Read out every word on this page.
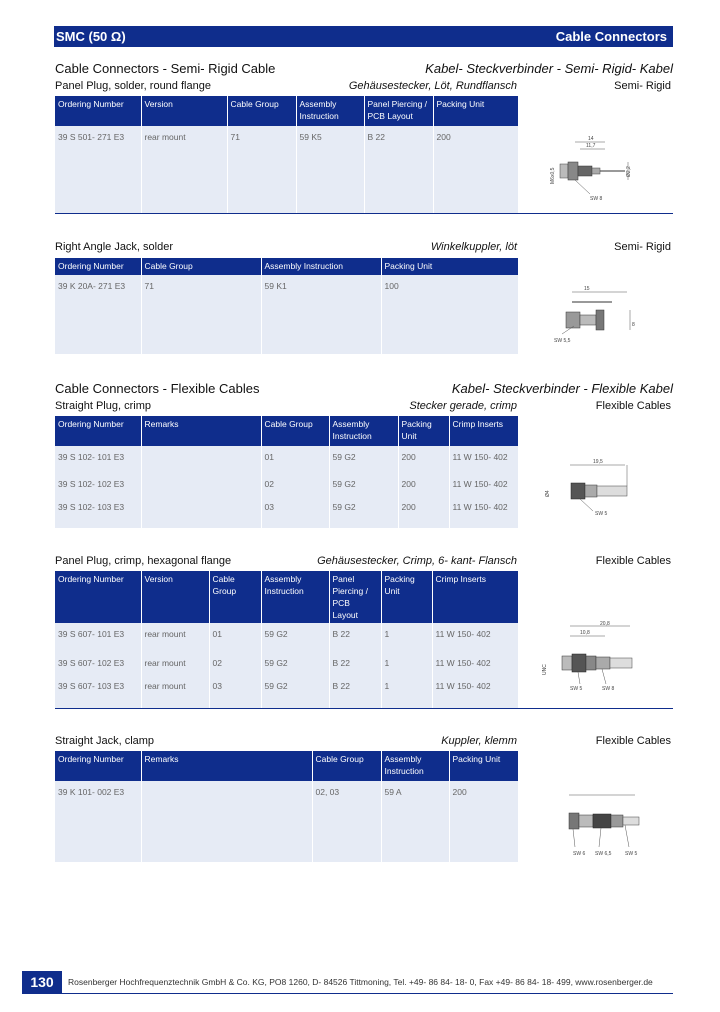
SMC (50 Ω)	Cable Connectors
Cable Connectors - Semi- Rigid Cable	Kabel- Steckverbinder - Semi- Rigid- Kabel
Panel Plug, solder, round flange	Gehäusestecker, Löt, Rundflansch	Semi- Rigid
Ordering Number	Version	Cable Group	Assembly Instruction	Panel Piercing / PCB Layout	Packing Unit
39 S 501- 271 E3	rear mount	71	59 K5	B 22	200
						14
11,7
M6x0,5	Ø2,2
SW 8
Right Angle Jack, solder	Winkelkuppler, löt	Semi- Rigid
Ordering Number	Cable Group	Assembly Instruction	Packing Unit
39 K 20A- 271 E3	71	59 K1	100
				15
SW 5,5
8
Cable Connectors - Flexible Cables	Kabel- Steckverbinder - Flexible Kabel
Straight Plug, crimp	Stecker gerade, crimp	Flexible Cables
Ordering Number	Remarks	Cable Group	Assembly Instruction	Packing Unit	Crimp Inserts
39 S 102- 101 E3		01	59 G2	200	11 W 150- 402
39 S 102- 102 E3		02	59 G2	200	11 W 150- 402
39 S 102- 103 E3		03	59 G2	200	11 W 150- 402

19,5
Ø4
SW 5
Panel Plug, crimp, hexagonal flange	Gehäusestecker, Crimp, 6- kant- Flansch	Flexible Cables
Ordering Number	Version	Cable Group	Assembly Instruction	Panel Piercing / PCB Layout	Packing Unit	Crimp Inserts
39 S 607- 101 E3	rear mount	01	59 G2	B 22	1	11 W 150- 402
39 S 607- 102 E3	rear mount	02	59 G2	B 22	1	11 W 150- 402
39 S 607- 103 E3	rear mount	03	59 G2	B 22	1	11 W 150- 402

20,8
10,8
UNC
SW 5	SW 8
Straight Jack, clamp	Kuppler, klemm	Flexible Cables
Ordering Number	Remarks	Cable Group	Assembly Instruction	Packing Unit
39 K 101- 002 E3		02, 03	59 A	200

SW 6 SW 6,5	SW 5
130	Rosenberger Hochfrequenztechnik GmbH & Co. KG, PO8 1260, D- 84526 Tittmoning, Tel. +49- 86 84- 18- 0, Fax +49- 86 84- 18- 499, www.rosenberger.de
